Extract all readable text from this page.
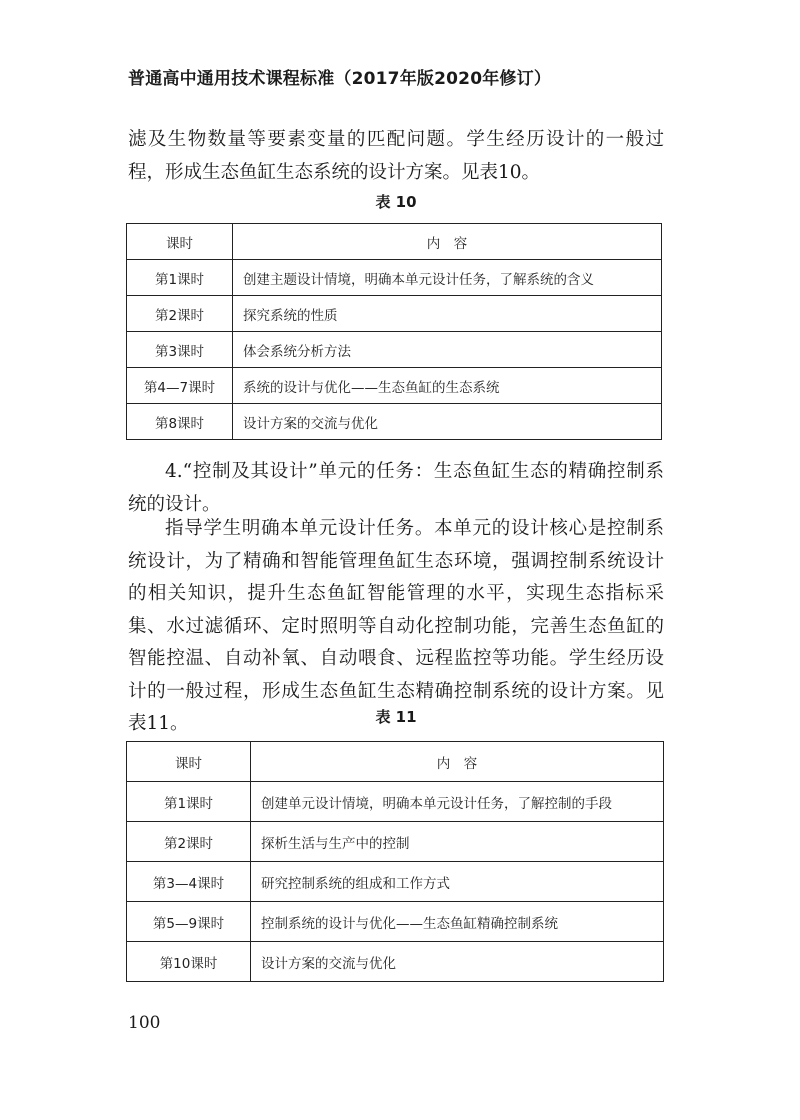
普通高中通用技术课程标准（2017年版2020年修订）

滤及生物数量等要素变量的匹配问题。学生经历设计的一般过程，形成生态鱼缸生态系统的设计方案。见表10。

表 10
课时	内　容
第1课时	创建主题设计情境，明确本单元设计任务，了解系统的含义
第2课时	探究系统的性质
第3课时	体会系统分析方法
第4—7课时	系统的设计与优化——生态鱼缸的生态系统
第8课时	设计方案的交流与优化

4.“控制及其设计”单元的任务：生态鱼缸生态的精确控制系统的设计。

指导学生明确本单元设计任务。本单元的设计核心是控制系统设计，为了精确和智能管理鱼缸生态环境，强调控制系统设计的相关知识，提升生态鱼缸智能管理的水平，实现生态指标采集、水过滤循环、定时照明等自动化控制功能，完善生态鱼缸的智能控温、自动补氧、自动喂食、远程监控等功能。学生经历设计的一般过程，形成生态鱼缸生态精确控制系统的设计方案。见表11。	表 11
课时	内　容
第1课时	创建单元设计情境，明确本单元设计任务，了解控制的手段
第2课时	探析生活与生产中的控制
第3—4课时	研究控制系统的组成和工作方式
第5—9课时	控制系统的设计与优化——生态鱼缸精确控制系统
第10课时	设计方案的交流与优化
100
